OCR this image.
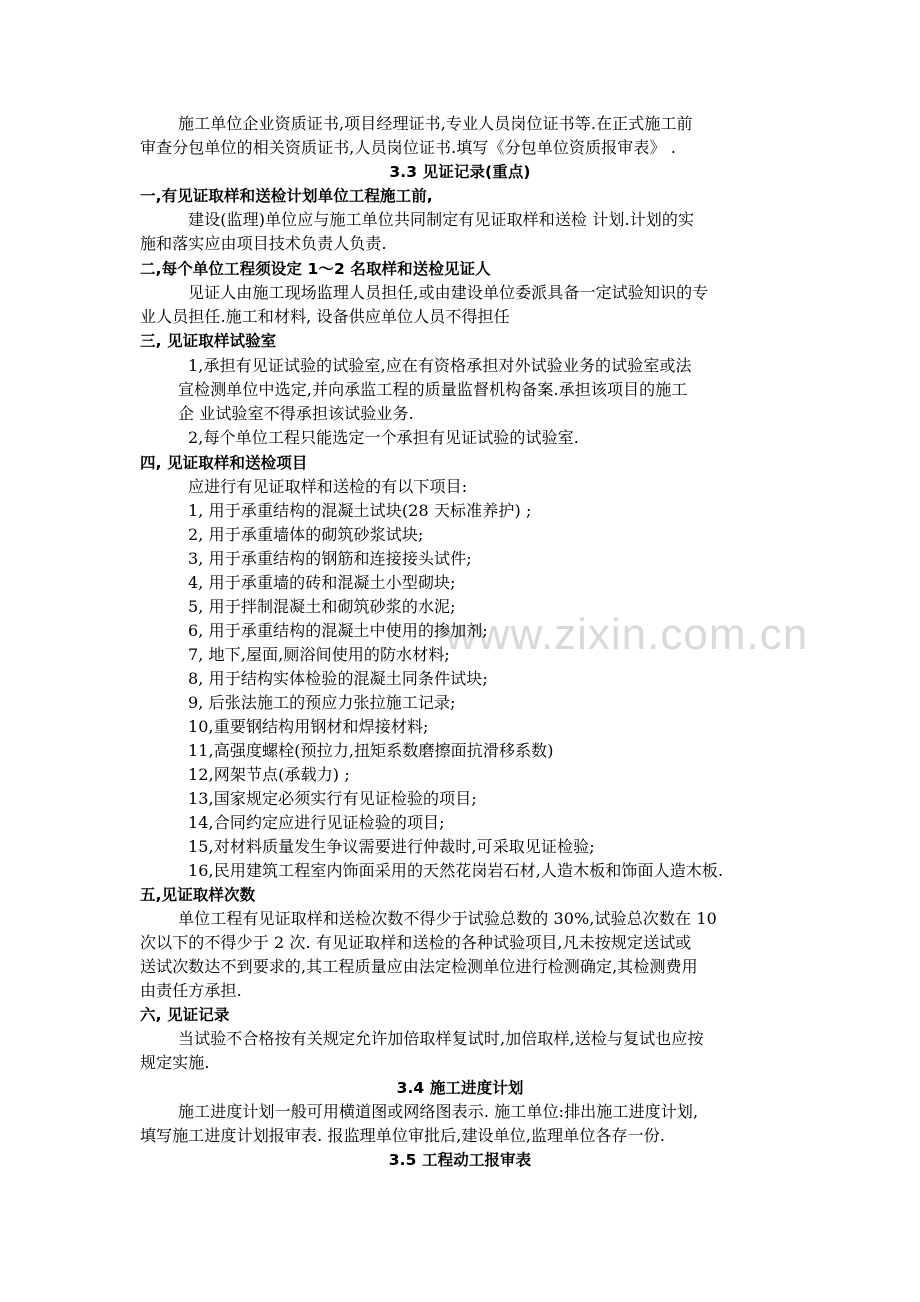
www.zixin.com.cn
施工单位企业资质证书,项目经理证书,专业人员岗位证书等.在正式施工前
审查分包单位的相关资质证书,人员岗位证书.填写《分包单位资质报审表》 .
3.3 见证记录(重点)
一,有见证取样和送检计划单位工程施工前,
建设(监理)单位应与施工单位共同制定有见证取样和送检 计划.计划的实
施和落实应由项目技术负责人负责.
二,每个单位工程须设定 1～2 名取样和送检见证人
见证人由施工现场监理人员担任,或由建设单位委派具备一定试验知识的专
业人员担任.施工和材料, 设备供应单位人员不得担任
三, 见证取样试验室
1,承担有见证试验的试验室,应在有资格承担对外试验业务的试验室或法
宣检测单位中选定,并向承监工程的质量监督机构备案.承担该项目的施工
企 业试验室不得承担该试验业务.
2,每个单位工程只能选定一个承担有见证试验的试验室.
四, 见证取样和送检项目
应进行有见证取样和送检的有以下项目:
1, 用于承重结构的混凝土试块(28 天标准养护) ;
2, 用于承重墙体的砌筑砂浆试块;
3, 用于承重结构的钢筋和连接接头试件;
4, 用于承重墙的砖和混凝土小型砌块;
5, 用于拌制混凝土和砌筑砂浆的水泥;
6, 用于承重结构的混凝土中使用的掺加剂;
7, 地下,屋面,厕浴间使用的防水材料;
8, 用于结构实体检验的混凝土同条件试块;
9, 后张法施工的预应力张拉施工记录;
10,重要钢结构用钢材和焊接材料;
11,高强度螺栓(预拉力,扭矩系数磨擦面抗滑移系数)
12,网架节点(承载力) ;
13,国家规定必须实行有见证检验的项目;
14,合同约定应进行见证检验的项目;
15,对材料质量发生争议需要进行仲裁时,可采取见证检验;
16,民用建筑工程室内饰面采用的天然花岗岩石材,人造木板和饰面人造木板.
五,见证取样次数
单位工程有见证取样和送检次数不得少于试验总数的 30%,试验总次数在 10
次以下的不得少于 2 次. 有见证取样和送检的各种试验项目,凡未按规定送试或
送试次数达不到要求的,其工程质量应由法定检测单位进行检测确定,其检测费用
由责任方承担.
六, 见证记录
当试验不合格按有关规定允许加倍取样复试时,加倍取样,送检与复试也应按
规定实施.
3.4 施工进度计划
施工进度计划一般可用横道图或网络图表示. 施工单位:排出施工进度计划,
填写施工进度计划报审表. 报监理单位审批后,建设单位,监理单位各存一份.
3.5 工程动工报审表
